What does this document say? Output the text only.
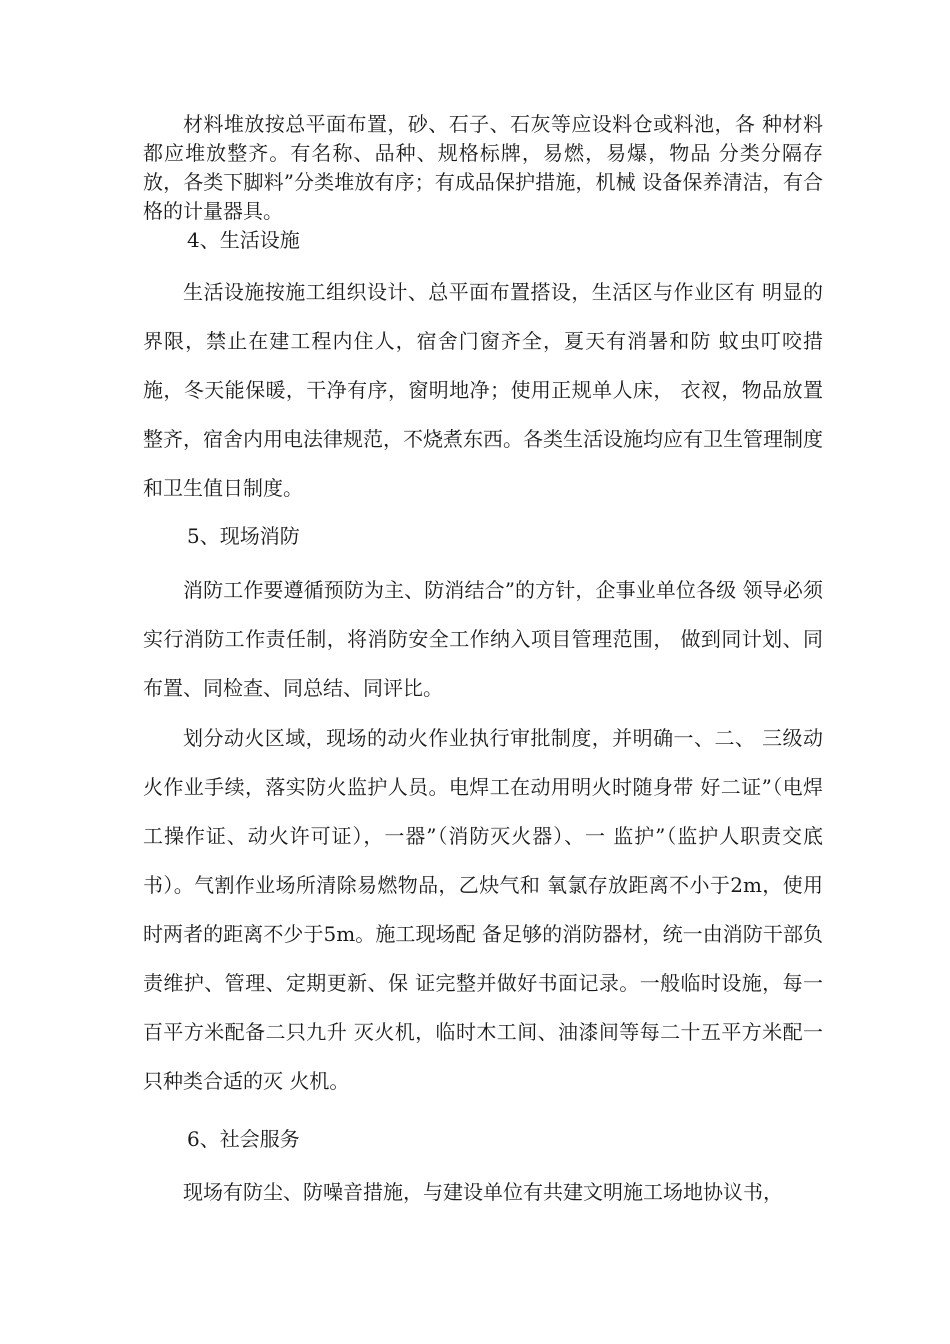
材料堆放按总平面布置，砂、石子、石灰等应设料仓或料池，各 种材料都应堆放整齐。有名称、品种、规格标牌，易燃，易爆，物品 分类分隔存放，各类下脚料”分类堆放有序；有成品保护措施，机械 设备保养清洁，有合格的计量器具。

4、生活设施

生活设施按施工组织设计、总平面布置搭设，生活区与作业区有 明显的界限，禁止在建工程内住人，宿舍门窗齐全，夏天有消暑和防 蚊虫叮咬措施，冬天能保暖，干净有序，窗明地净；使用正规单人床， 衣衩，物品放置整齐，宿舍内用电法律规范，不烧煮东西。各类生活设施均应有卫生管理制度和卫生值日制度。

5、现场消防

消防工作要遵循预防为主、防消结合”的方针，企事业单位各级 领导必须实行消防工作责任制，将消防安全工作纳入项目管理范围， 做到同计划、同布置、同检查、同总结、同评比。

划分动火区域，现场的动火作业执行审批制度，并明确一、二、 三级动火作业手续，落实防火监护人员。电焊工在动用明火时随身带 好二证”（电焊工操作证、动火许可证），一器”（消防灭火器）、一 监护”（监护人职责交底书）。气割作业场所清除易燃物品，乙炔气和 氧氯存放距离不小于2m，使用时两者的距离不少于5m。施工现场配 备足够的消防器材，统一由消防干部负责维护、管理、定期更新、保 证完整并做好书面记录。一般临时设施，每一百平方米配备二只九升 灭火机，临时木工间、油漆间等每二十五平方米配一只种类合适的灭 火机。

6、社会服务

现场有防尘、防噪音措施，与建设单位有共建文明施工场地协议书，
